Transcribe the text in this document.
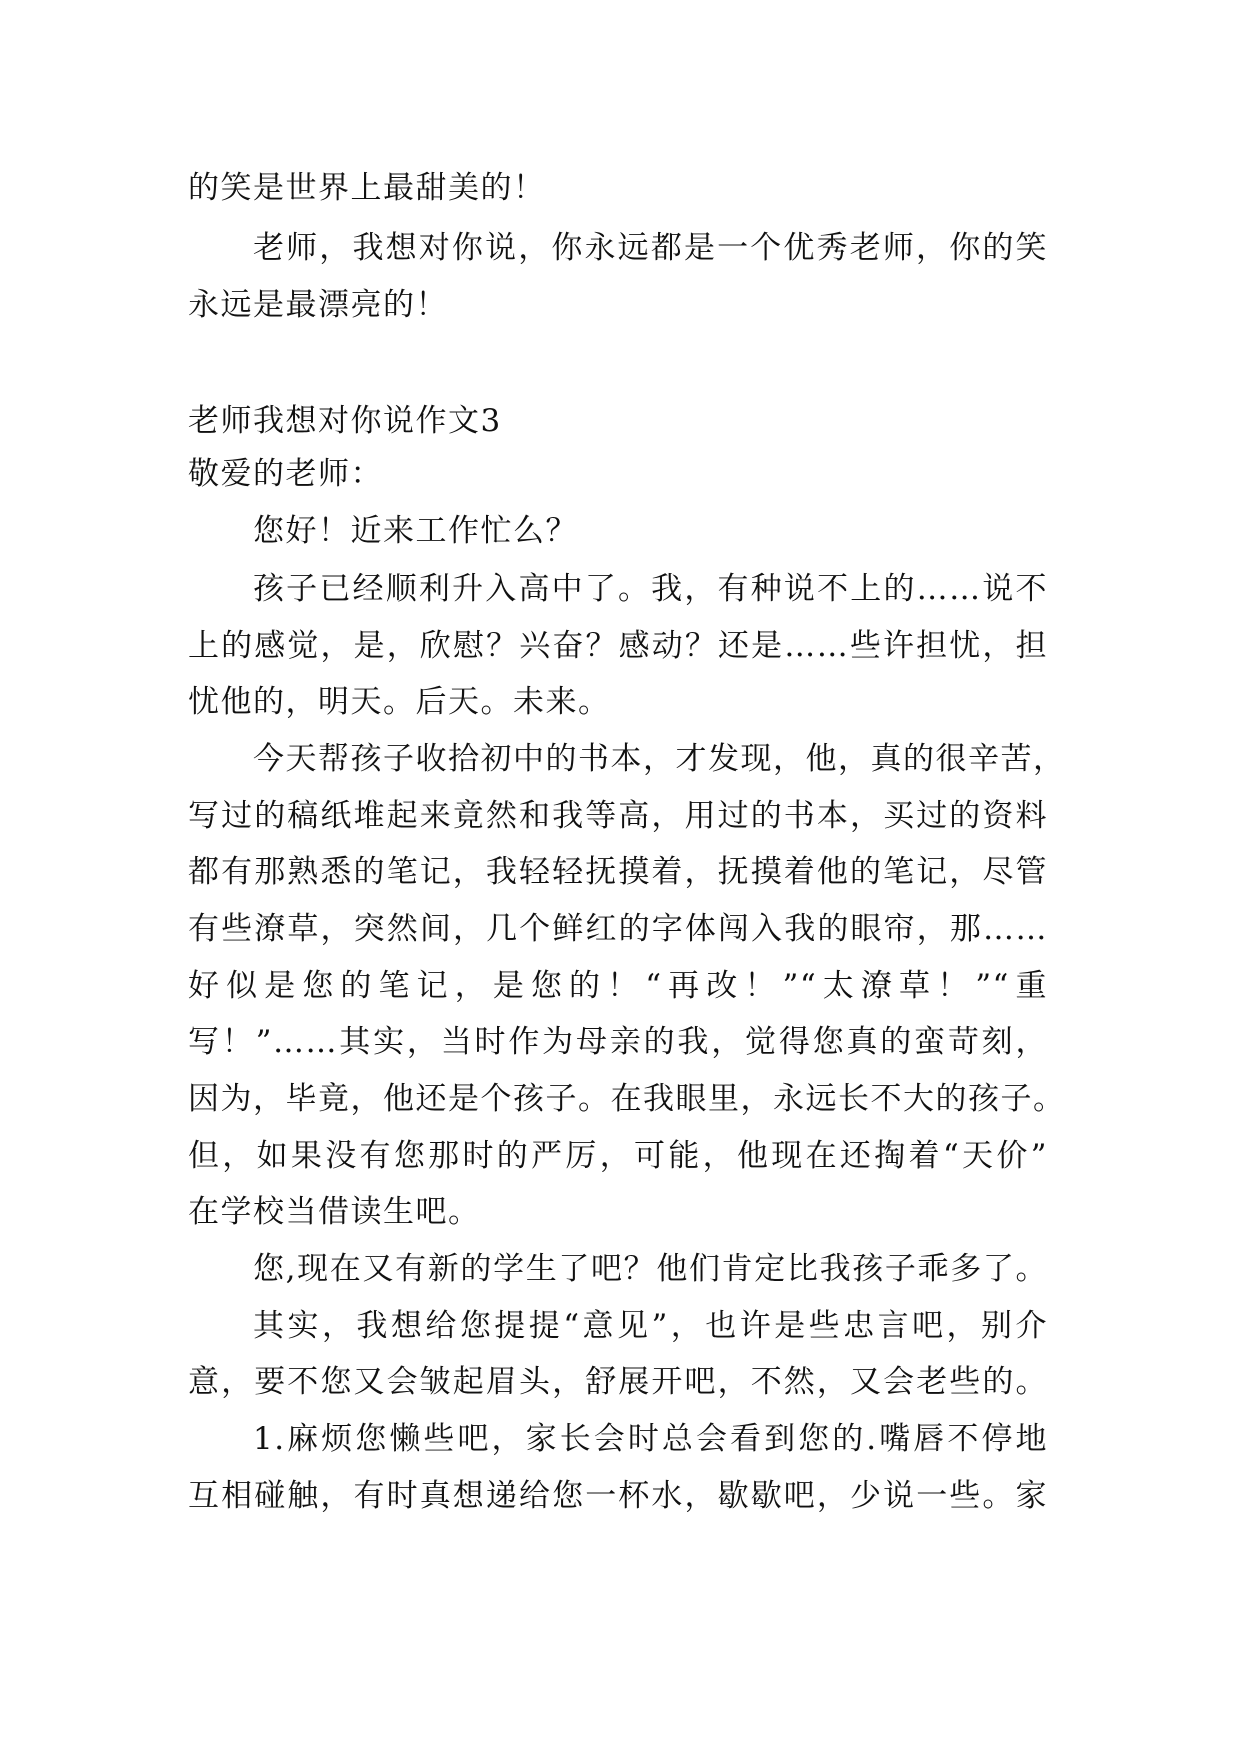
的笑是世界上最甜美的！
老师，我想对你说，你永远都是一个优秀老师，你的笑
永远是最漂亮的！
老师我想对你说作文3
敬爱的老师：
您好！近来工作忙么？
孩子已经顺利升入高中了。我，有种说不上的……说不
上的感觉，是，欣慰？兴奋？感动？还是……些许担忧，担
忧他的，明天。后天。未来。
今天帮孩子收拾初中的书本，才发现，他，真的很辛苦，
写过的稿纸堆起来竟然和我等高，用过的书本，买过的资料
都有那熟悉的笔记，我轻轻抚摸着，抚摸着他的笔记，尽管
有些潦草，突然间，几个鲜红的字体闯入我的眼帘，那……
好似是您的笔记，是您的！“再改！”“太潦草！”“重
写！”……其实，当时作为母亲的我，觉得您真的蛮苛刻，
因为，毕竟，他还是个孩子。在我眼里，永远长不大的孩子。
但，如果没有您那时的严厉，可能，他现在还掏着“天价”
在学校当借读生吧。
您,现在又有新的学生了吧？他们肯定比我孩子乖多了。
其实，我想给您提提“意见”，也许是些忠言吧，别介
意，要不您又会皱起眉头，舒展开吧，不然，又会老些的。
1.麻烦您懒些吧，家长会时总会看到您的.嘴唇不停地
互相碰触，有时真想递给您一杯水，歇歇吧，少说一些。家
